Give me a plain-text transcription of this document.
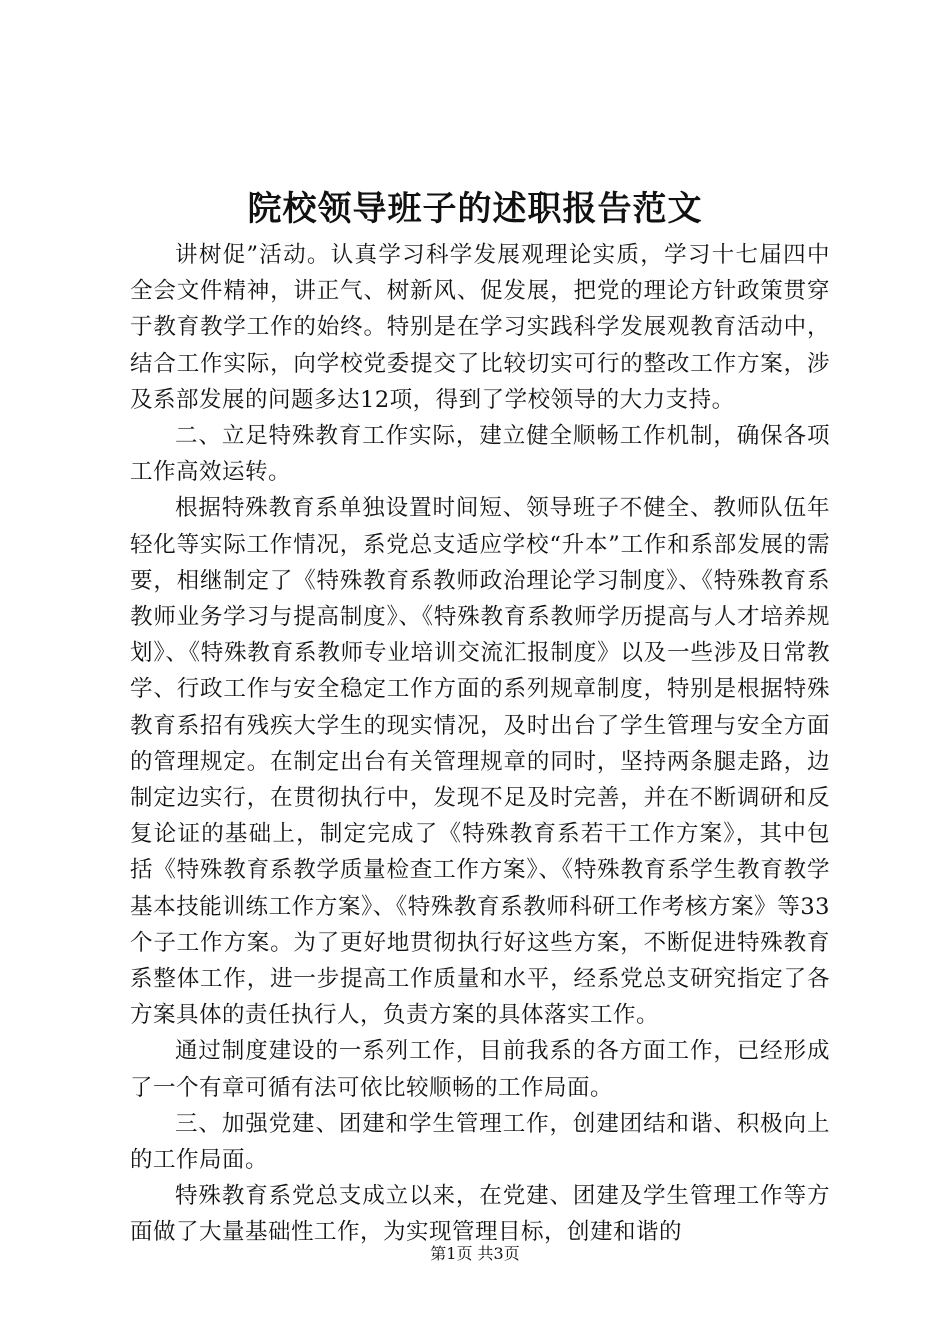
院校领导班子的述职报告范文

讲树促”活动。认真学习科学发展观理论实质，学习十七届四中全会文件精神，讲正气、树新风、促发展，把党的理论方针政策贯穿于教育教学工作的始终。特别是在学习实践科学发展观教育活动中，结合工作实际，向学校党委提交了比较切实可行的整改工作方案，涉及系部发展的问题多达12项，得到了学校领导的大力支持。

二、立足特殊教育工作实际，建立健全顺畅工作机制，确保各项工作高效运转。

根据特殊教育系单独设置时间短、领导班子不健全、教师队伍年轻化等实际工作情况，系党总支适应学校“升本”工作和系部发展的需要，相继制定了《特殊教育系教师政治理论学习制度》、《特殊教育系教师业务学习与提高制度》、《特殊教育系教师学历提高与人才培养规划》、《特殊教育系教师专业培训交流汇报制度》以及一些涉及日常教学、行政工作与安全稳定工作方面的系列规章制度，特别是根据特殊教育系招有残疾大学生的现实情况，及时出台了学生管理与安全方面的管理规定。在制定出台有关管理规章的同时，坚持两条腿走路，边制定边实行，在贯彻执行中，发现不足及时完善，并在不断调研和反复论证的基础上，制定完成了《特殊教育系若干工作方案》，其中包括《特殊教育系教学质量检查工作方案》、《特殊教育系学生教育教学基本技能训练工作方案》、《特殊教育系教师科研工作考核方案》等33个子工作方案。为了更好地贯彻执行好这些方案，不断促进特殊教育系整体工作，进一步提高工作质量和水平，经系党总支研究指定了各方案具体的责任执行人，负责方案的具体落实工作。

通过制度建设的一系列工作，目前我系的各方面工作，已经形成了一个有章可循有法可依比较顺畅的工作局面。

三、加强党建、团建和学生管理工作，创建团结和谐、积极向上的工作局面。

特殊教育系党总支成立以来，在党建、团建及学生管理工作等方面做了大量基础性工作，为实现管理目标，创建和谐的

第1页 共3页
